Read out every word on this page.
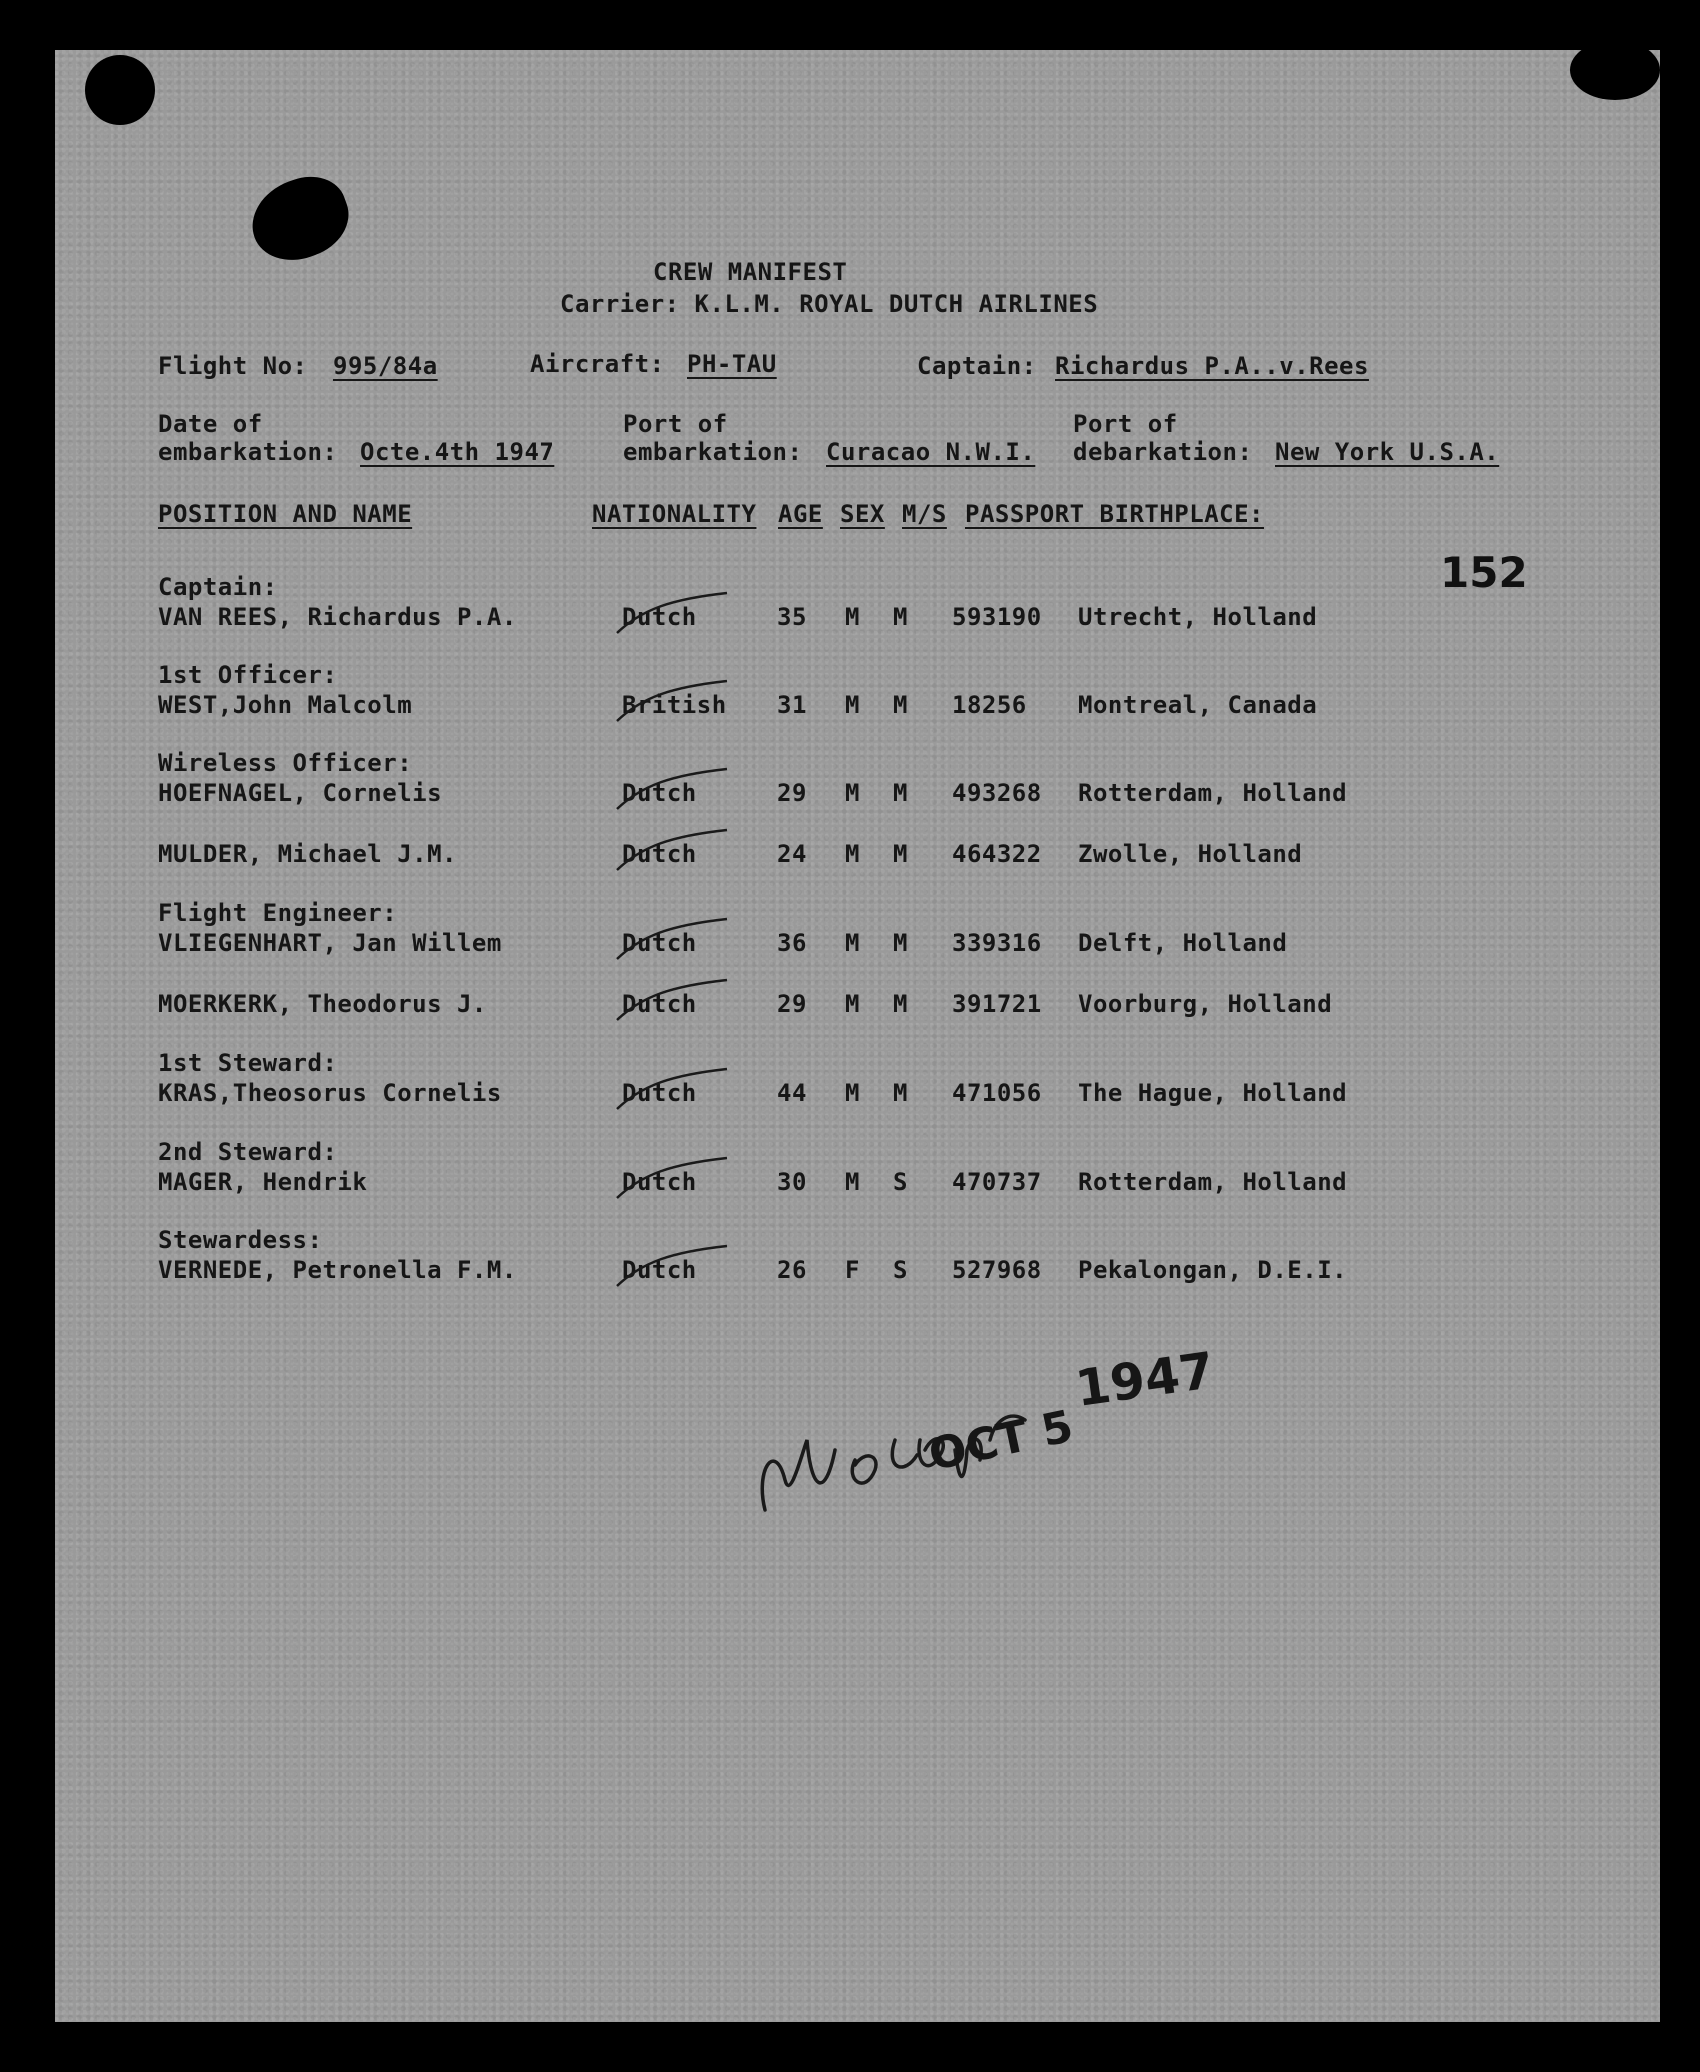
CREW MANIFEST
Carrier: K.L.M. ROYAL DUTCH AIRLINES
Flight No: 995/84a	Aircraft: PH-TAU	Captain: Richardus P.A..v.Rees
Date of
embarkation: Octe.4th 1947
Port of
embarkation: Curacao N.W.I.
Port of
debarkation: New York U.S.A.
POSITION AND NAME	NATIONALITY AGE SEX M/S PASSPORT BIRTHPLACE:
152
Captain:
VAN REES, Richardus P.A.	Dutch	35 M M 593190 Utrecht, Holland
1st Officer:
WEST,John Malcolm	British 31 M M 18256 Montreal, Canada
Wireless Officer:
HOEFNAGEL, Cornelis	Dutch	29 M M 493268 Rotterdam, Holland
MULDER, Michael J.M.	Dutch	24 M M 464322 Zwolle, Holland
Flight Engineer:
VLIEGENHART, Jan Willem	Dutch	36 M M 339316 Delft, Holland
MOERKERK, Theodorus J.	Dutch	29 M M 391721 Voorburg, Holland
1st Steward:
KRAS,Theosorus Cornelis	Dutch	44 M M 471056 The Hague, Holland
2nd Steward:
MAGER, Hendrik	Dutch	30 M S 470737 Rotterdam, Holland
Stewardess:
VERNEDE, Petronella F.M.	Dutch	26 F S 527968 Pekalongan, D.E.I.
OCT 5
1947
